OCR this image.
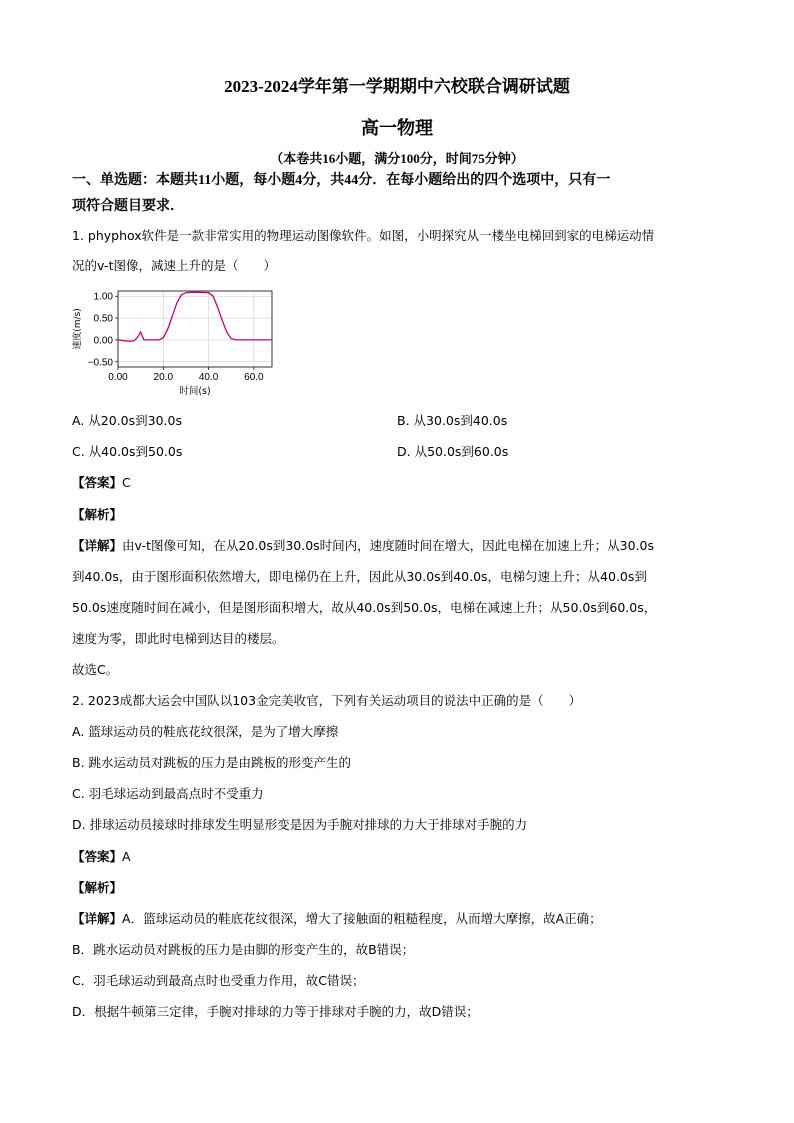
2023-2024学年第一学期期中六校联合调研试题
高一物理
（本卷共16小题，满分100分，时间75分钟）
一、单选题：本题共11小题，每小题4分，共44分．在每小题给出的四个选项中，只有一
项符合题目要求．
1. phyphox软件是一款非常实用的物理运动图像软件。如图，小明探究从一楼坐电梯回到家的电梯运动情
况的v-t图像，减速上升的是（　　）
0.00	20.0	40.0	60.0
1.00
0.50
0.00
−0.50
时间(s)
速度(m/s)
A. 从20.0s到30.0s	B. 从30.0s到40.0s
C. 从40.0s到50.0s	D. 从50.0s到60.0s
【答案】C
【解析】
【详解】由v-t图像可知，在从20.0s到30.0s时间内，速度随时间在增大，因此电梯在加速上升；从30.0s
到40.0s，由于图形面积依然增大，即电梯仍在上升，因此从30.0s到40.0s，电梯匀速上升；从40.0s到
50.0s速度随时间在减小，但是图形面积增大，故从40.0s到50.0s，电梯在减速上升；从50.0s到60.0s，
速度为零，即此时电梯到达目的楼层。
故选C。
2. 2023成都大运会中国队以103金完美收官，下列有关运动项目的说法中正确的是（　　）
A. 篮球运动员的鞋底花纹很深，是为了增大摩擦
B. 跳水运动员对跳板的压力是由跳板的形变产生的
C. 羽毛球运动到最高点时不受重力
D. 排球运动员接球时排球发生明显形变是因为手腕对排球的力大于排球对手腕的力
【答案】A
【解析】
【详解】A．篮球运动员的鞋底花纹很深，增大了接触面的粗糙程度，从而增大摩擦，故A正确；
B．跳水运动员对跳板的压力是由脚的形变产生的，故B错误；
C．羽毛球运动到最高点时也受重力作用，故C错误；
D．根据牛顿第三定律，手腕对排球的力等于排球对手腕的力，故D错误；
